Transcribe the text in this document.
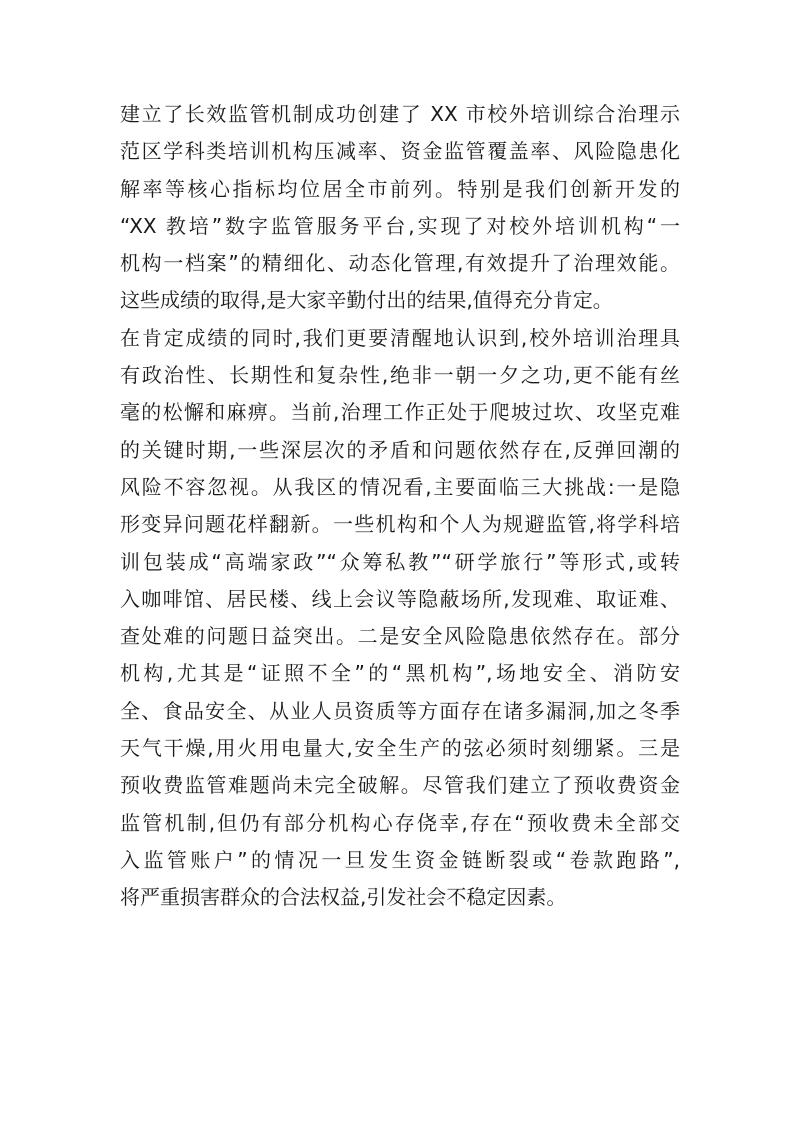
建立了长效监管机制成功创建了 XX 市校外培训综合治理示
范区学科类培训机构压减率、资金监管覆盖率、风险隐患化
解率等核心指标均位居全市前列。特别是我们创新开发的
“XX 教培”数字监管服务平台,实现了对校外培训机构“一
机构一档案”的精细化、动态化管理,有效提升了治理效能。
这些成绩的取得,是大家辛勤付出的结果,值得充分肯定。
在肯定成绩的同时,我们更要清醒地认识到,校外培训治理具
有政治性、长期性和复杂性,绝非一朝一夕之功,更不能有丝
毫的松懈和麻痹。当前,治理工作正处于爬坡过坎、攻坚克难
的关键时期,一些深层次的矛盾和问题依然存在,反弹回潮的
风险不容忽视。从我区的情况看,主要面临三大挑战:一是隐
形变异问题花样翻新。一些机构和个人为规避监管,将学科培
训包装成“高端家政”“众筹私教”“研学旅行”等形式,或转
入咖啡馆、居民楼、线上会议等隐蔽场所,发现难、取证难、
查处难的问题日益突出。二是安全风险隐患依然存在。部分
机构,尤其是“证照不全”的“黑机构”,场地安全、消防安
全、食品安全、从业人员资质等方面存在诸多漏洞,加之冬季
天气干燥,用火用电量大,安全生产的弦必须时刻绷紧。三是
预收费监管难题尚未完全破解。尽管我们建立了预收费资金
监管机制,但仍有部分机构心存侥幸,存在“预收费未全部交
入监管账户”的情况一旦发生资金链断裂或“卷款跑路”,
将严重损害群众的合法权益,引发社会不稳定因素。
